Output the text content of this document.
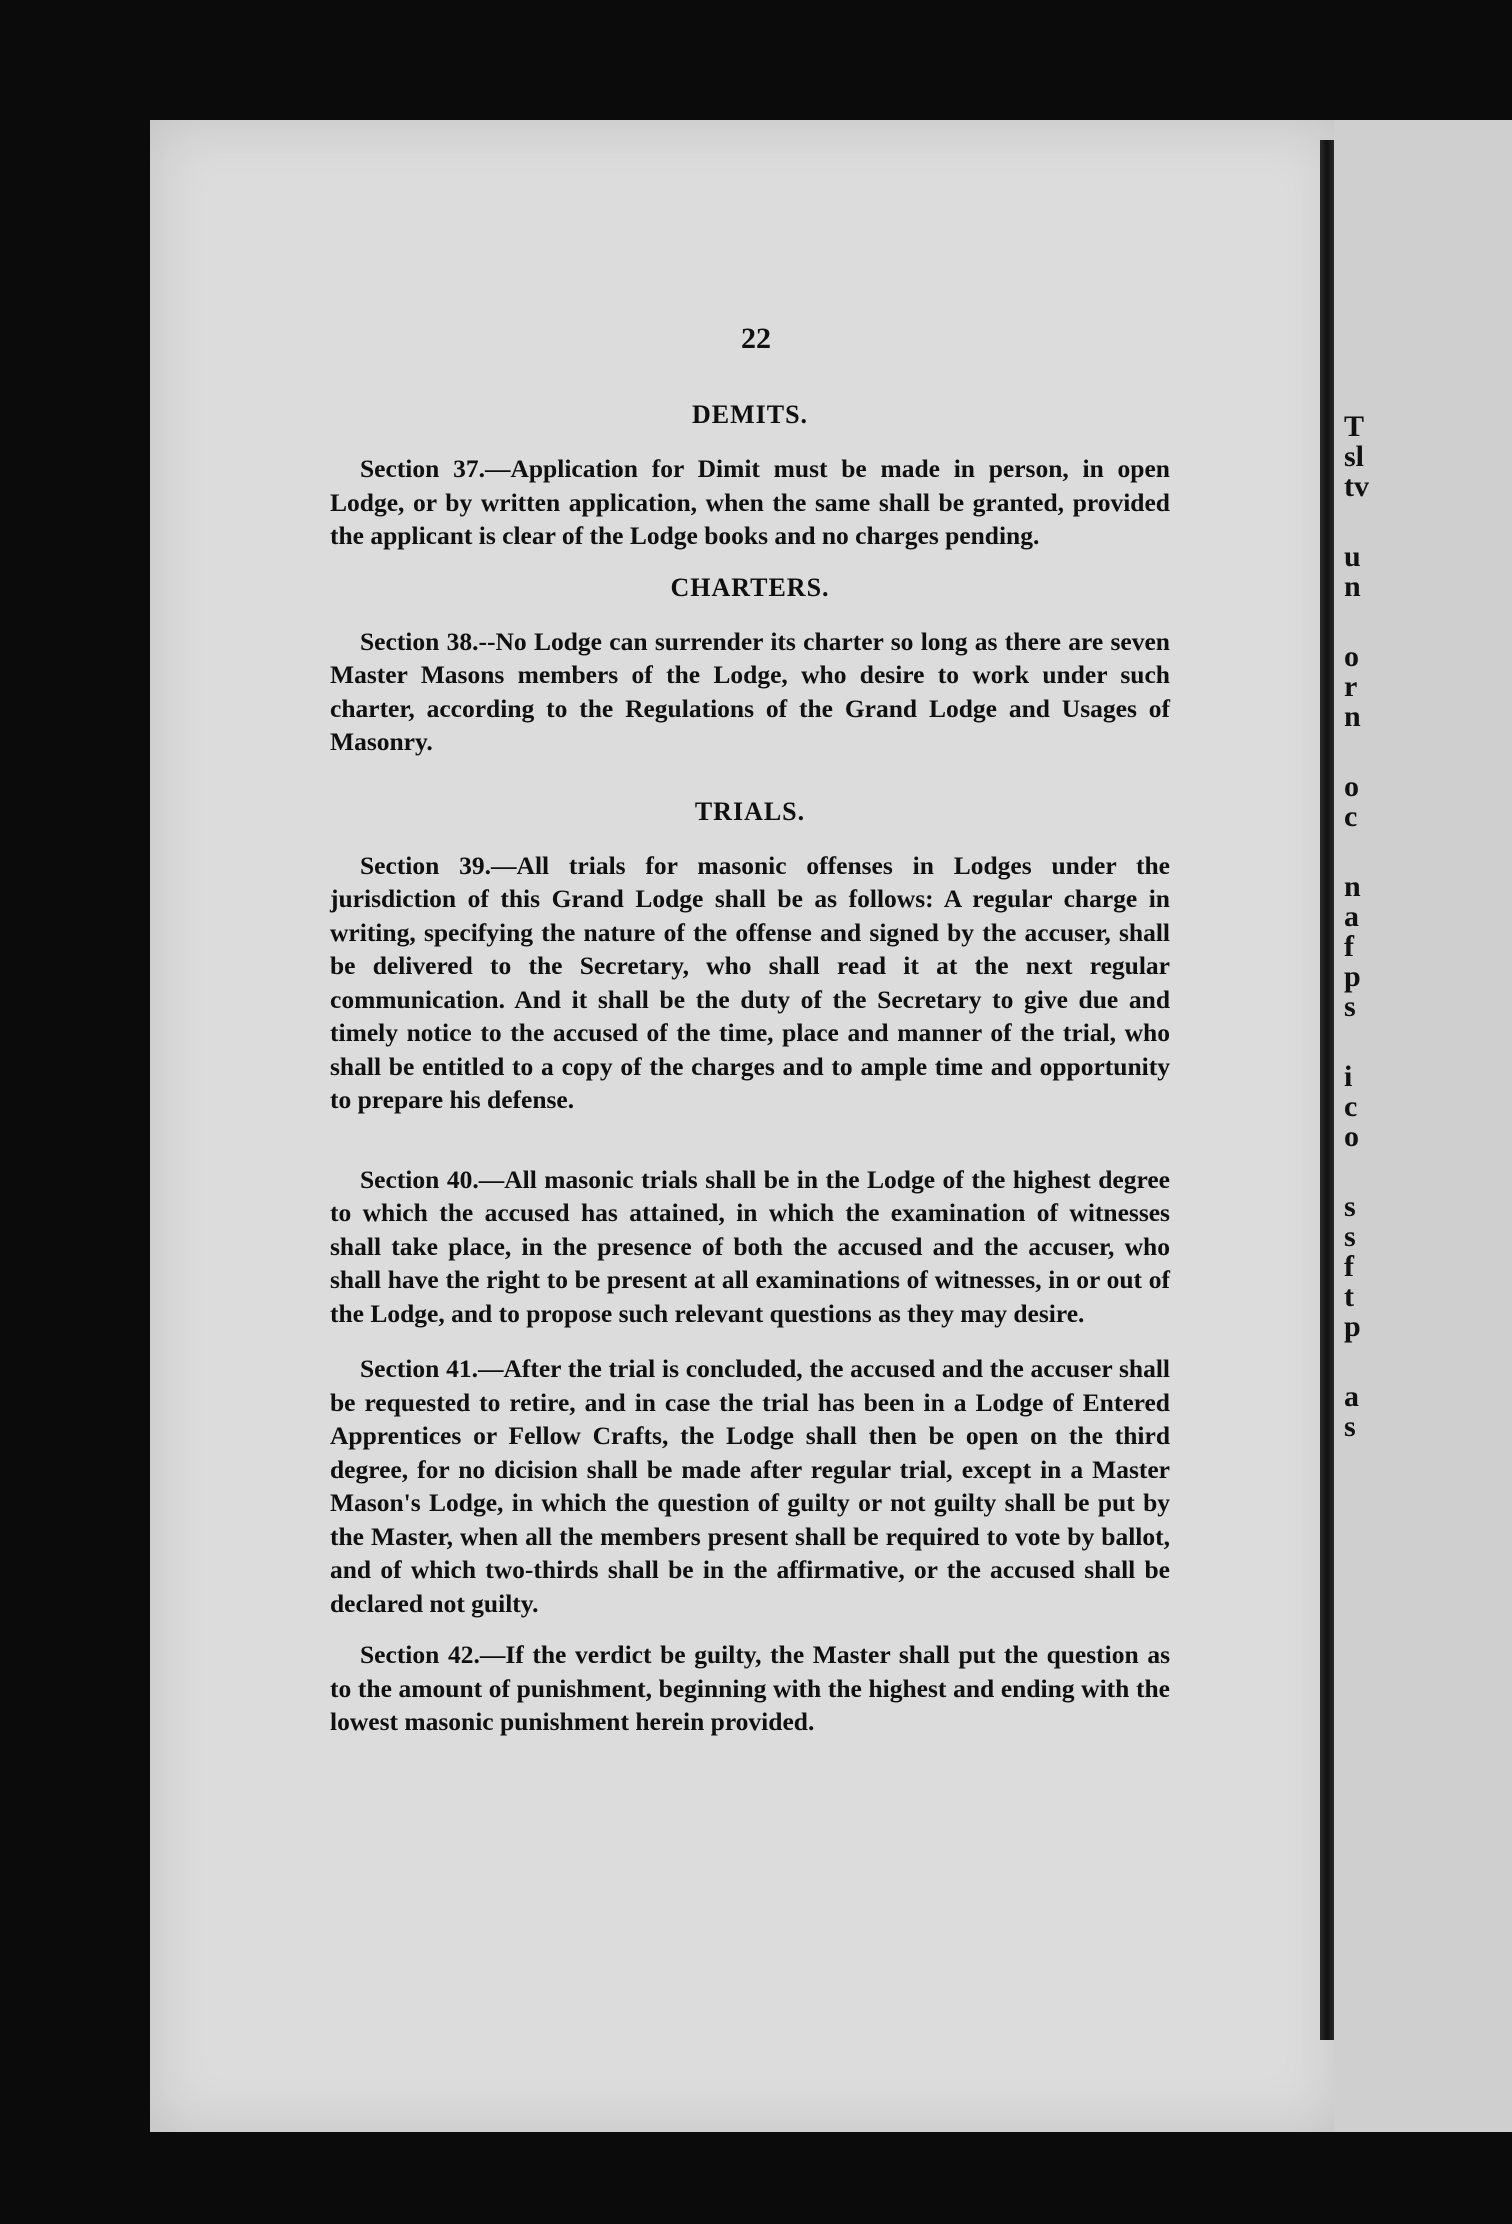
T
sl
tv
u
n
o
r
n
o
c
n
a
f
p
s
i
c
o
s
s
f
t
p
a
s
22
DEMITS.

Section 37.—Application for Dimit must be made in person, in open Lodge, or by written application, when the same shall be granted, provided the applicant is clear of the Lodge books and no charges pending.

CHARTERS.

Section 38.--No Lodge can surrender its charter so long as there are seven Master Masons members of the Lodge, who desire to work under such charter, according to the Regulations of the Grand Lodge and Usages of Masonry.

TRIALS.

Section 39.—All trials for masonic offenses in Lodges under the jurisdiction of this Grand Lodge shall be as follows: A regular charge in writing, specifying the nature of the offense and signed by the accuser, shall be delivered to the Secretary, who shall read it at the next regular communication. And it shall be the duty of the Secretary to give due and timely notice to the accused of the time, place and manner of the trial, who shall be entitled to a copy of the charges and to ample time and opportunity to prepare his defense.

Section 40.—All masonic trials shall be in the Lodge of the highest degree to which the accused has attained, in which the examination of witnesses shall take place, in the presence of both the accused and the accuser, who shall have the right to be present at all examinations of witnesses, in or out of the Lodge, and to propose such relevant questions as they may desire.

Section 41.—After the trial is concluded, the accused and the accuser shall be requested to retire, and in case the trial has been in a Lodge of Entered Apprentices or Fellow Crafts, the Lodge shall then be open on the third degree, for no dicision shall be made after regular trial, except in a Master Mason's Lodge, in which the question of guilty or not guilty shall be put by the Master, when all the members present shall be required to vote by ballot, and of which two-thirds shall be in the affirmative, or the accused shall be declared not guilty.

Section 42.—If the verdict be guilty, the Master shall put the question as to the amount of punishment, beginning with the highest and ending with the lowest masonic punishment herein provided.
